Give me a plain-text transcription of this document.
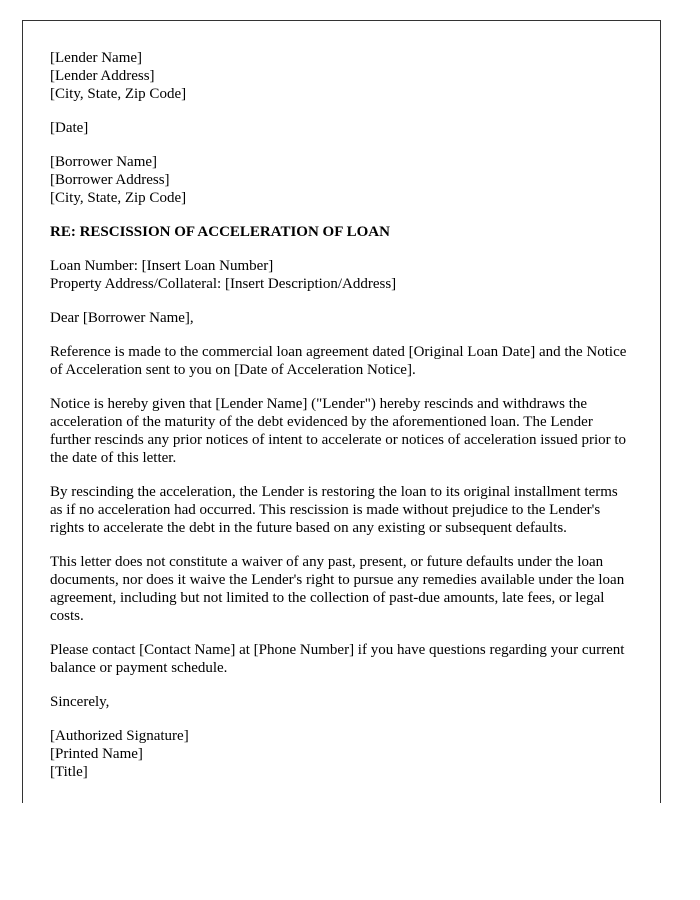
[Lender Name]
[Lender Address]
[City, State, Zip Code]
[Date]
[Borrower Name]
[Borrower Address]
[City, State, Zip Code]
RE: RESCISSION OF ACCELERATION OF LOAN
Loan Number: [Insert Loan Number]
Property Address/Collateral: [Insert Description/Address]
Dear [Borrower Name],

Reference is made to the commercial loan agreement dated [Original Loan Date] and the Notice of Acceleration sent to you on [Date of Acceleration Notice].

Notice is hereby given that [Lender Name] ("Lender") hereby rescinds and withdraws the acceleration of the maturity of the debt evidenced by the aforementioned loan. The Lender further rescinds any prior notices of intent to accelerate or notices of acceleration issued prior to the date of this letter.

By rescinding the acceleration, the Lender is restoring the loan to its original installment terms as if no acceleration had occurred. This rescission is made without prejudice to the Lender's rights to accelerate the debt in the future based on any existing or subsequent defaults.

This letter does not constitute a waiver of any past, present, or future defaults under the loan documents, nor does it waive the Lender's right to pursue any remedies available under the loan agreement, including but not limited to the collection of past-due amounts, late fees, or legal costs.

Please contact [Contact Name] at [Phone Number] if you have questions regarding your current balance or payment schedule.

Sincerely,
[Authorized Signature]
[Printed Name]
[Title]
